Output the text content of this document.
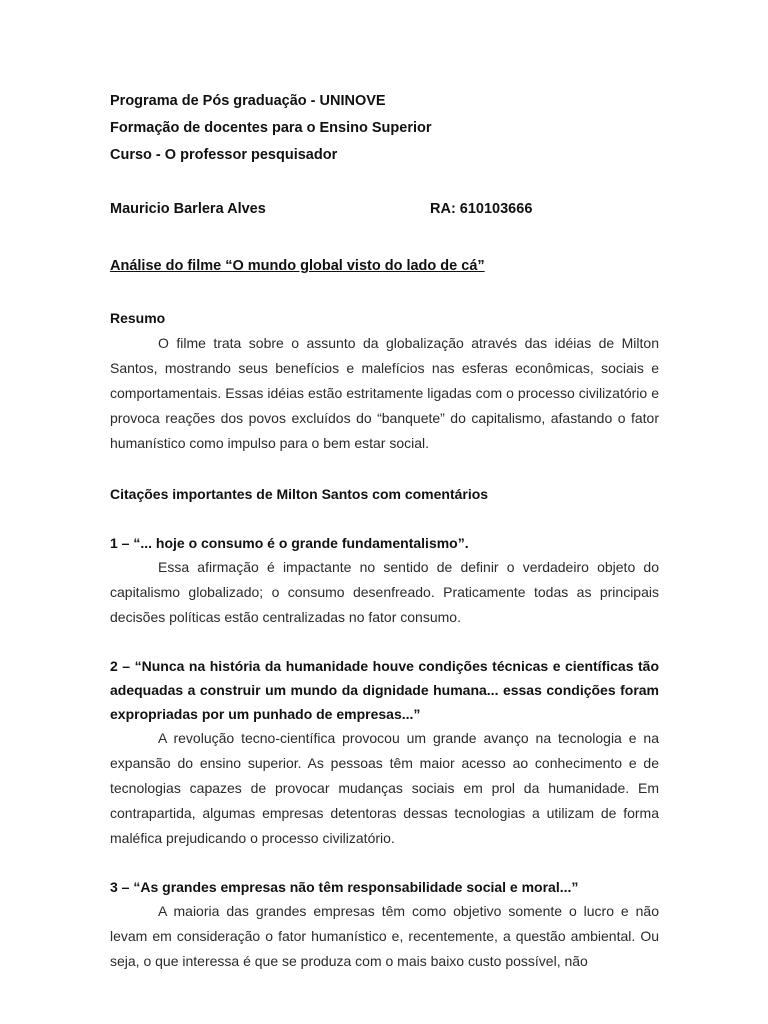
Programa de Pós graduação - UNINOVE

Formação de docentes para o Ensino Superior

Curso - O professor pesquisador

Mauricio Barlera Alves	RA: 610103666
Análise do filme “O mundo global visto do lado de cá”

Resumo

O filme trata sobre o assunto da globalização através das idéias de Milton Santos, mostrando seus benefícios e malefícios nas esferas econômicas, sociais e comportamentais. Essas idéias estão estritamente ligadas com o processo civilizatório e provoca reações dos povos excluídos do “banquete” do capitalismo, afastando o fator humanístico como impulso para o bem estar social.

Citações importantes de Milton Santos com comentários

1 – “... hoje o consumo é o grande fundamentalismo”.

Essa afirmação é impactante no sentido de definir o verdadeiro objeto do capitalismo globalizado; o consumo desenfreado. Praticamente todas as principais decisões políticas estão centralizadas no fator consumo.

2 – “Nunca na história da humanidade houve condições técnicas e científicas tão adequadas a construir um mundo da dignidade humana... essas condições foram expropriadas por um punhado de empresas...”

A revolução tecno-científica provocou um grande avanço na tecnologia e na expansão do ensino superior. As pessoas têm maior acesso ao conhecimento e de tecnologias capazes de provocar mudanças sociais em prol da humanidade. Em contrapartida, algumas empresas detentoras dessas tecnologias a utilizam de forma maléfica prejudicando o processo civilizatório.

3 – “As grandes empresas não têm responsabilidade social e moral...”

A maioria das grandes empresas têm como objetivo somente o lucro e não levam em consideração o fator humanístico e, recentemente, a questão ambiental. Ou seja, o que interessa é que se produza com o mais baixo custo possível, não
